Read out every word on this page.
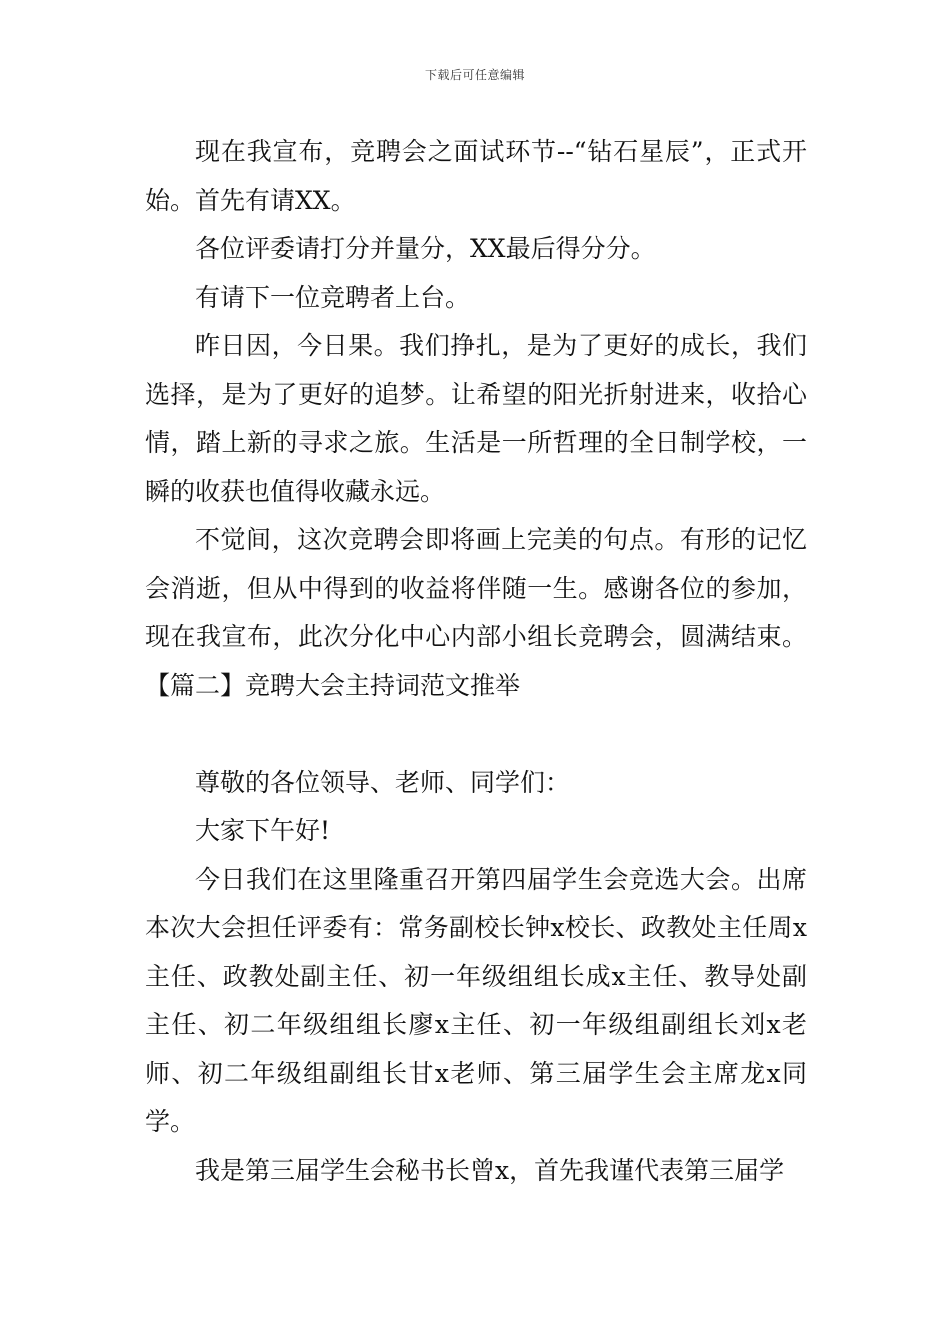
下载后可任意编辑

现在我宣布，竞聘会之面试环节--“钻石星辰”，正式开始。首先有请XX。

各位评委请打分并量分，XX最后得分分。

有请下一位竞聘者上台。

昨日因，今日果。我们挣扎，是为了更好的成长，我们选择，是为了更好的追梦。让希望的阳光折射进来，收拾心情，踏上新的寻求之旅。生活是一所哲理的全日制学校，一瞬的收获也值得收藏永远。

不觉间，这次竞聘会即将画上完美的句点。有形的记忆会消逝，但从中得到的收益将伴随一生。感谢各位的参加，现在我宣布，此次分化中心内部小组长竞聘会，圆满结束。【篇二】竞聘大会主持词范文推举

尊敬的各位领导、老师、同学们：

大家下午好!

今日我们在这里隆重召开第四届学生会竞选大会。出席本次大会担任评委有：常务副校长钟x校长、政教处主任周x主任、政教处副主任、初一年级组组长成x主任、教导处副主任、初二年级组组长廖x主任、初一年级组副组长刘x老师、初二年级组副组长甘x老师、第三届学生会主席龙x同学。

我是第三届学生会秘书长曾x，首先我谨代表第三届学
